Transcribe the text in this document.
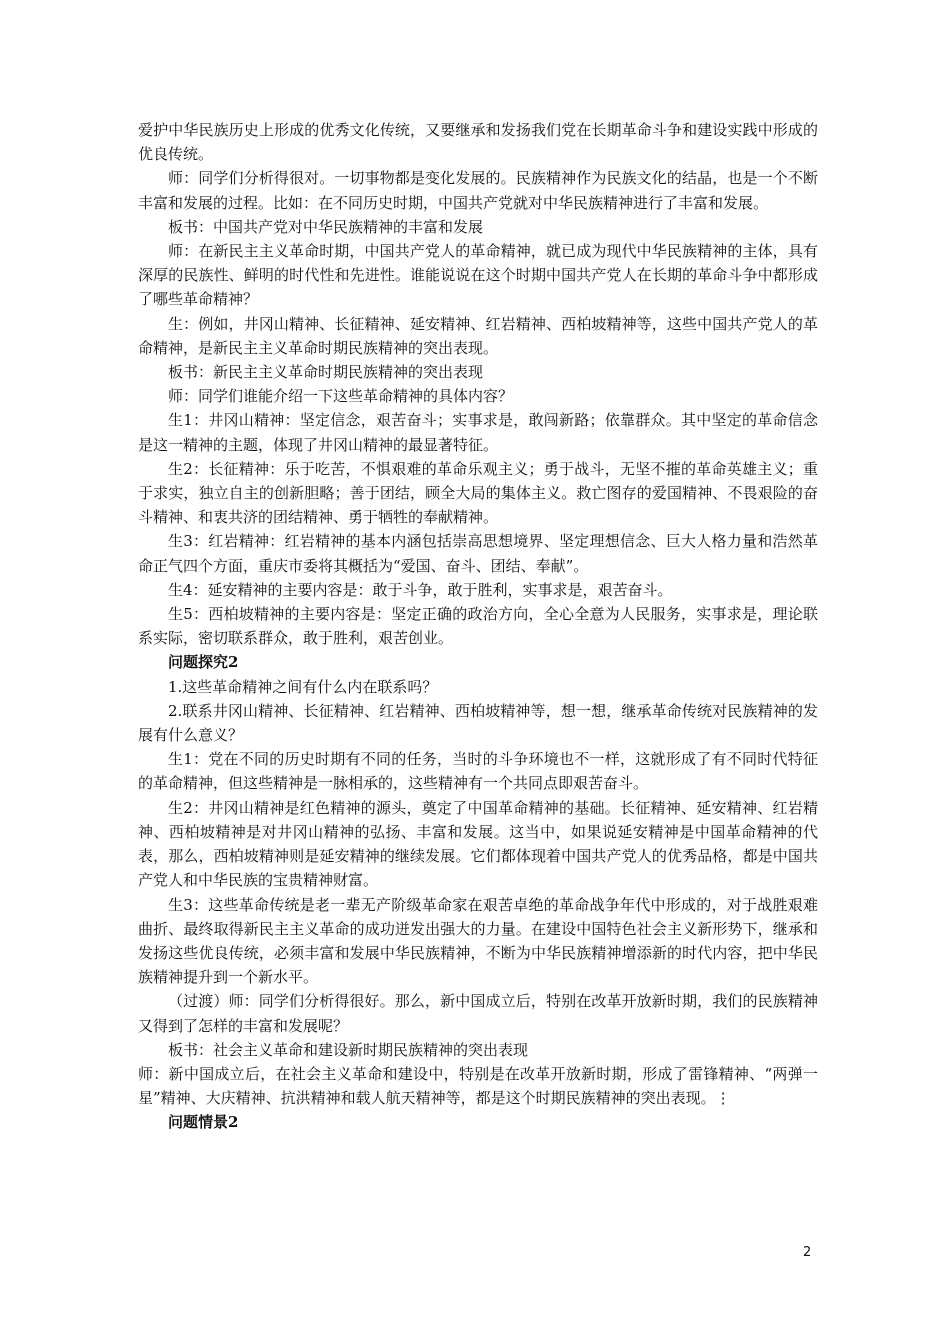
爱护中华民族历史上形成的优秀文化传统，又要继承和发扬我们党在长期革命斗争和建设实践中形成的优良传统。

师：同学们分析得很对。一切事物都是变化发展的。民族精神作为民族文化的结晶，也是一个不断丰富和发展的过程。比如：在不同历史时期，中国共产党就对中华民族精神进行了丰富和发展。

板书：中国共产党对中华民族精神的丰富和发展

师：在新民主主义革命时期，中国共产党人的革命精神，就已成为现代中华民族精神的主体，具有深厚的民族性、鲜明的时代性和先进性。谁能说说在这个时期中国共产党人在长期的革命斗争中都形成了哪些革命精神？

生：例如，井冈山精神、长征精神、延安精神、红岩精神、西柏坡精神等，这些中国共产党人的革命精神，是新民主主义革命时期民族精神的突出表现。

板书：新民主主义革命时期民族精神的突出表现

师：同学们谁能介绍一下这些革命精神的具体内容？

生1：井冈山精神：坚定信念，艰苦奋斗；实事求是，敢闯新路；依靠群众。其中坚定的革命信念是这一精神的主题，体现了井冈山精神的最显著特征。

生2：长征精神：乐于吃苦，不惧艰难的革命乐观主义；勇于战斗，无坚不摧的革命英雄主义；重于求实，独立自主的创新胆略；善于团结，顾全大局的集体主义。救亡图存的爱国精神、不畏艰险的奋斗精神、和衷共济的团结精神、勇于牺牲的奉献精神。

生3：红岩精神：红岩精神的基本内涵包括崇高思想境界、坚定理想信念、巨大人格力量和浩然革命正气四个方面，重庆市委将其概括为“爱国、奋斗、团结、奉献”。

生4：延安精神的主要内容是：敢于斗争，敢于胜利，实事求是，艰苦奋斗。

生5：西柏坡精神的主要内容是：坚定正确的政治方向，全心全意为人民服务，实事求是，理论联系实际，密切联系群众，敢于胜利，艰苦创业。

问题探究2

1.这些革命精神之间有什么内在联系吗？

2.联系井冈山精神、长征精神、红岩精神、西柏坡精神等，想一想，继承革命传统对民族精神的发展有什么意义？

生1：党在不同的历史时期有不同的任务，当时的斗争环境也不一样，这就形成了有不同时代特征的革命精神，但这些精神是一脉相承的，这些精神有一个共同点即艰苦奋斗。

生2：井冈山精神是红色精神的源头，奠定了中国革命精神的基础。长征精神、延安精神、红岩精神、西柏坡精神是对井冈山精神的弘扬、丰富和发展。这当中，如果说延安精神是中国革命精神的代表，那么，西柏坡精神则是延安精神的继续发展。它们都体现着中国共产党人的优秀品格，都是中国共产党人和中华民族的宝贵精神财富。

生3：这些革命传统是老一辈无产阶级革命家在艰苦卓绝的革命战争年代中形成的，对于战胜艰难曲折、最终取得新民主主义革命的成功迸发出强大的力量。在建设中国特色社会主义新形势下，继承和发扬这些优良传统，必须丰富和发展中华民族精神，不断为中华民族精神增添新的时代内容，把中华民族精神提升到一个新水平。

（过渡）师：同学们分析得很好。那么，新中国成立后，特别在改革开放新时期，我们的民族精神又得到了怎样的丰富和发展呢？

板书：社会主义革命和建设新时期民族精神的突出表现

师：新中国成立后，在社会主义革命和建设中，特别是在改革开放新时期，形成了雷锋精神、“两弹一星”精神、大庆精神、抗洪精神和载人航天精神等，都是这个时期民族精神的突出表现。⋮

问题情景2

2
